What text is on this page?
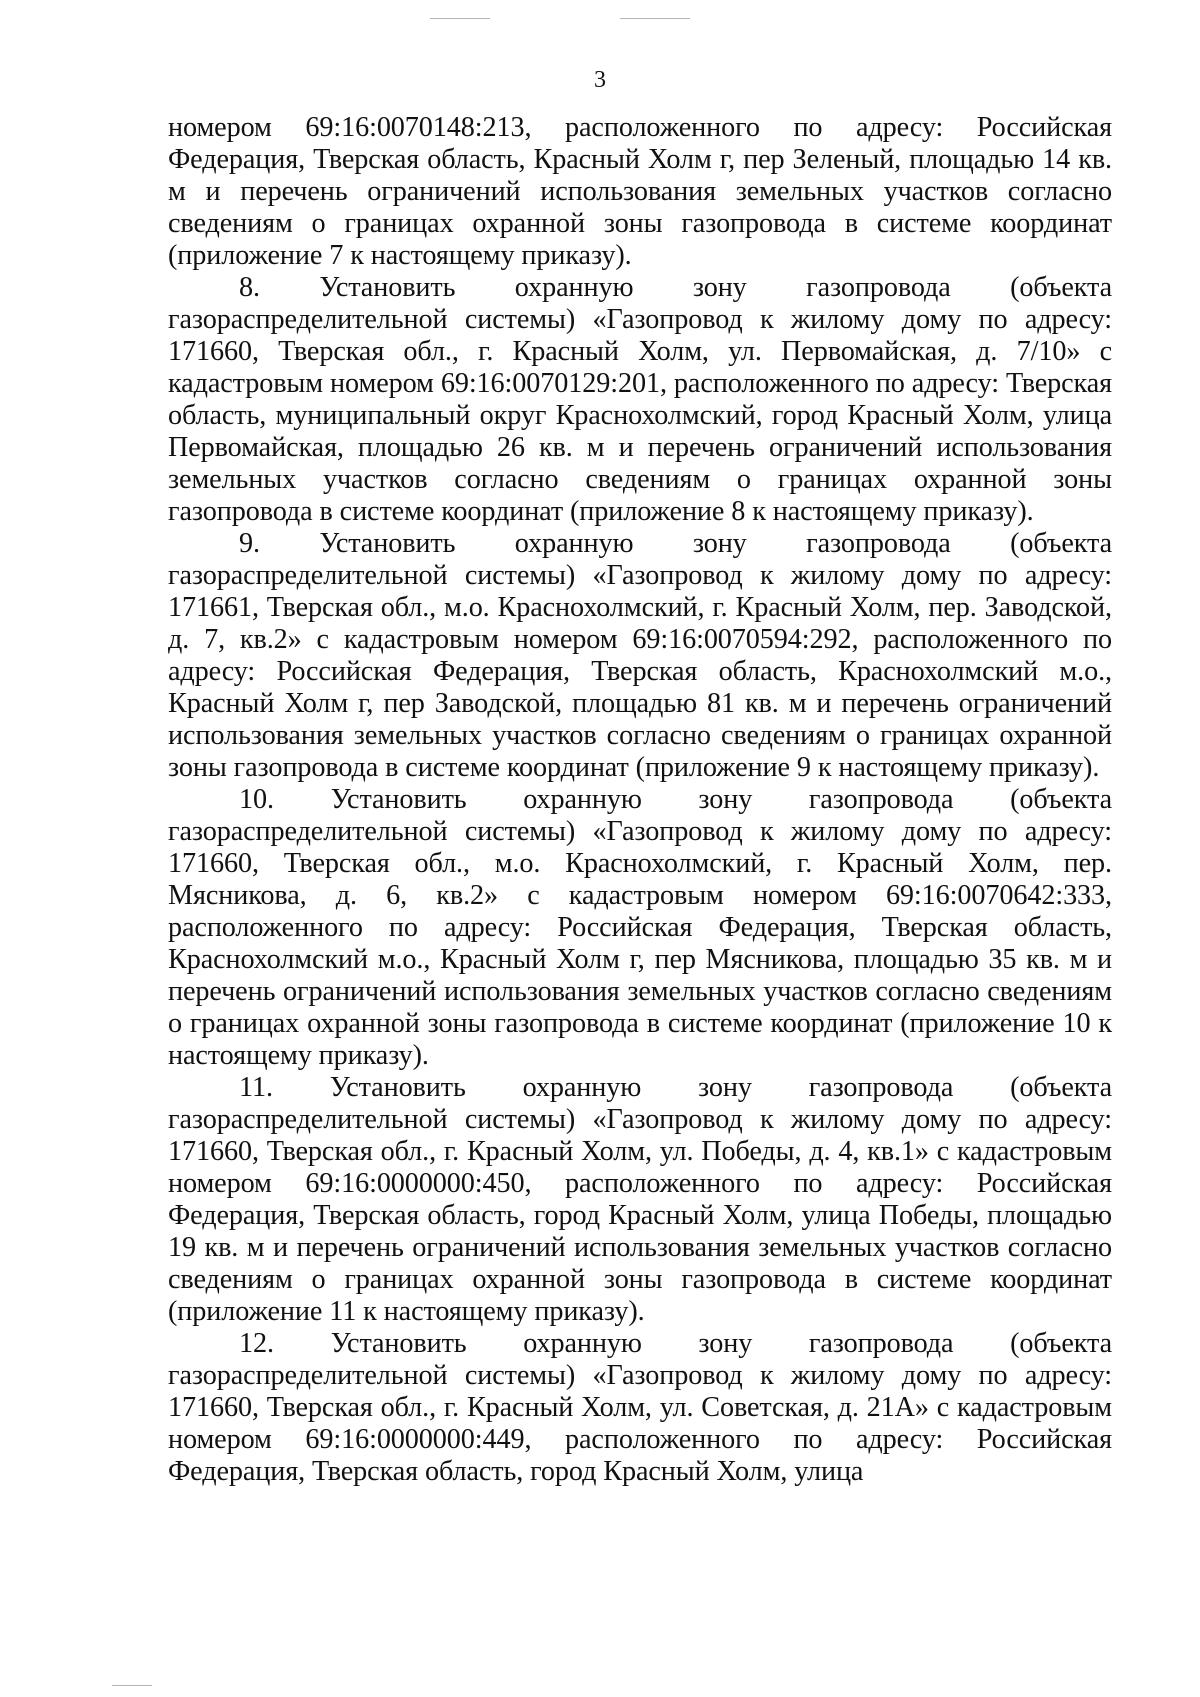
3

номером 69:16:0070148:213, расположенного по адресу: Российская Федерация, Тверская область, Красный Холм г, пер Зеленый, площадью 14 кв. м и перечень ограничений использования земельных участков согласно сведениям о границах охранной зоны газопровода в системе координат (приложение 7 к настоящему приказу).

8. Установить охранную зону газопровода (объекта газораспределительной системы) «Газопровод к жилому дому по адресу: 171660, Тверская обл., г. Красный Холм, ул. Первомайская, д. 7/10» с кадастровым номером 69:16:0070129:201, расположенного по адресу: Тверская область, муниципальный округ Краснохолмский, город Красный Холм, улица Первомайская, площадью 26 кв. м и перечень ограничений использования земельных участков согласно сведениям о границах охранной зоны газопровода в системе координат (приложение 8 к настоящему приказу).

9. Установить охранную зону газопровода (объекта газораспределительной системы) «Газопровод к жилому дому по адресу: 171661, Тверская обл., м.о. Краснохолмский, г. Красный Холм, пер. Заводской, д. 7, кв.2» с кадастровым номером 69:16:0070594:292, расположенного по адресу: Российская Федерация, Тверская область, Краснохолмский м.о., Красный Холм г, пер Заводской, площадью 81 кв. м и перечень ограничений использования земельных участков согласно сведениям о границах охранной зоны газопровода в системе координат (приложение 9 к настоящему приказу).

10. Установить охранную зону газопровода (объекта газораспределительной системы) «Газопровод к жилому дому по адресу: 171660, Тверская обл., м.о. Краснохолмский, г. Красный Холм, пер. Мясникова, д. 6, кв.2» с кадастровым номером 69:16:0070642:333, расположенного по адресу: Российская Федерация, Тверская область, Краснохолмский м.о., Красный Холм г, пер Мясникова, площадью 35 кв. м и перечень ограничений использования земельных участков согласно сведениям о границах охранной зоны газопровода в системе координат (приложение 10 к настоящему приказу).

11. Установить охранную зону газопровода (объекта газораспределительной системы) «Газопровод к жилому дому по адресу: 171660, Тверская обл., г. Красный Холм, ул. Победы, д. 4, кв.1» с кадастровым номером 69:16:0000000:450, расположенного по адресу: Российская Федерация, Тверская область, город Красный Холм, улица Победы, площадью 19 кв. м и перечень ограничений использования земельных участков согласно сведениям о границах охранной зоны газопровода в системе координат (приложение 11 к настоящему приказу).

12. Установить охранную зону газопровода (объекта газораспределительной системы) «Газопровод к жилому дому по адресу: 171660, Тверская обл., г. Красный Холм, ул. Советская, д. 21А» с кадастровым номером 69:16:0000000:449, расположенного по адресу: Российская Федерация, Тверская область, город Красный Холм, улица
